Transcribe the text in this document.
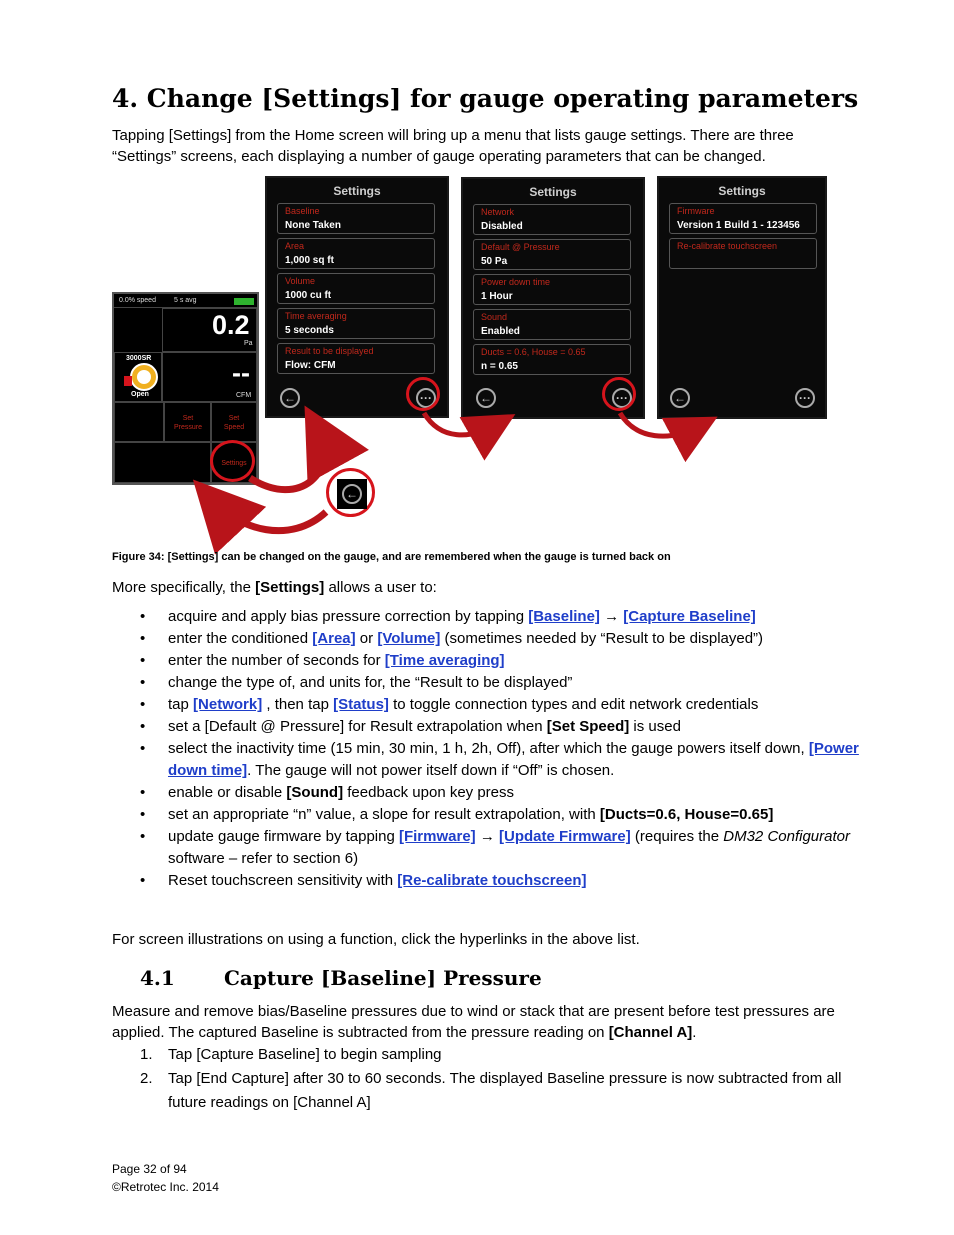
4. Change [Settings] for gauge operating parameters

Tapping [Settings] from the Home screen will bring up a menu that lists gauge settings. There are three “Settings” screens, each displaying a number of gauge operating parameters that can be changed.

0.0% speed	5 s avg
0.2
Pa
3000SR
Open
--
CFM
Set
Pressure
Set
Speed
Settings
Settings
Baseline
None Taken
Area
1,000 sq ft
Volume
1000 cu ft
Time averaging
5 seconds
Result to be displayed
Flow: CFM
←	···
Settings
Network
Disabled
Default @ Pressure
50 Pa
Power down time
1 Hour
Sound
Enabled
Ducts = 0.6, House = 0.65
n = 0.65
←	···
Settings
Firmware
Version 1 Build 1 - 123456
Re-calibrate touchscreen
←	···
←
Figure 34: [Settings] can be changed on the gauge, and are remembered when the gauge is turned back on

More specifically, the [Settings] allows a user to:

• acquire and apply bias pressure correction by tapping [Baseline] → [Capture Baseline]
• enter the conditioned [Area] or [Volume] (sometimes needed by “Result to be displayed”)
• enter the number of seconds for [Time averaging]
• change the type of, and units for, the “Result to be displayed”
• tap [Network] , then tap [Status] to toggle connection types and edit network credentials
• set a [Default @ Pressure] for Result extrapolation when [Set Speed] is used
• select the inactivity time (15 min, 30 min, 1 h, 2h, Off), after which the gauge powers itself down, [Power down time]. The gauge will not power itself down if “Off” is chosen.
• enable or disable [Sound] feedback upon key press
• set an appropriate “n” value, a slope for result extrapolation, with [Ducts=0.6, House=0.65]
• update gauge firmware by tapping [Firmware] → [Update Firmware] (requires the DM32 Configurator software – refer to section 6)
• Reset touchscreen sensitivity with [Re-calibrate touchscreen]

For screen illustrations on using a function, click the hyperlinks in the above list.

4.1 Capture [Baseline] Pressure

Measure and remove bias/Baseline pressures due to wind or stack that are present before test pressures are applied. The captured Baseline is subtracted from the pressure reading on [Channel A].

1. Tap [Capture Baseline] to begin sampling
2. Tap [End Capture] after 30 to 60 seconds. The displayed Baseline pressure is now subtracted from all future readings on [Channel A]
Page 32 of 94
©Retrotec Inc. 2014
